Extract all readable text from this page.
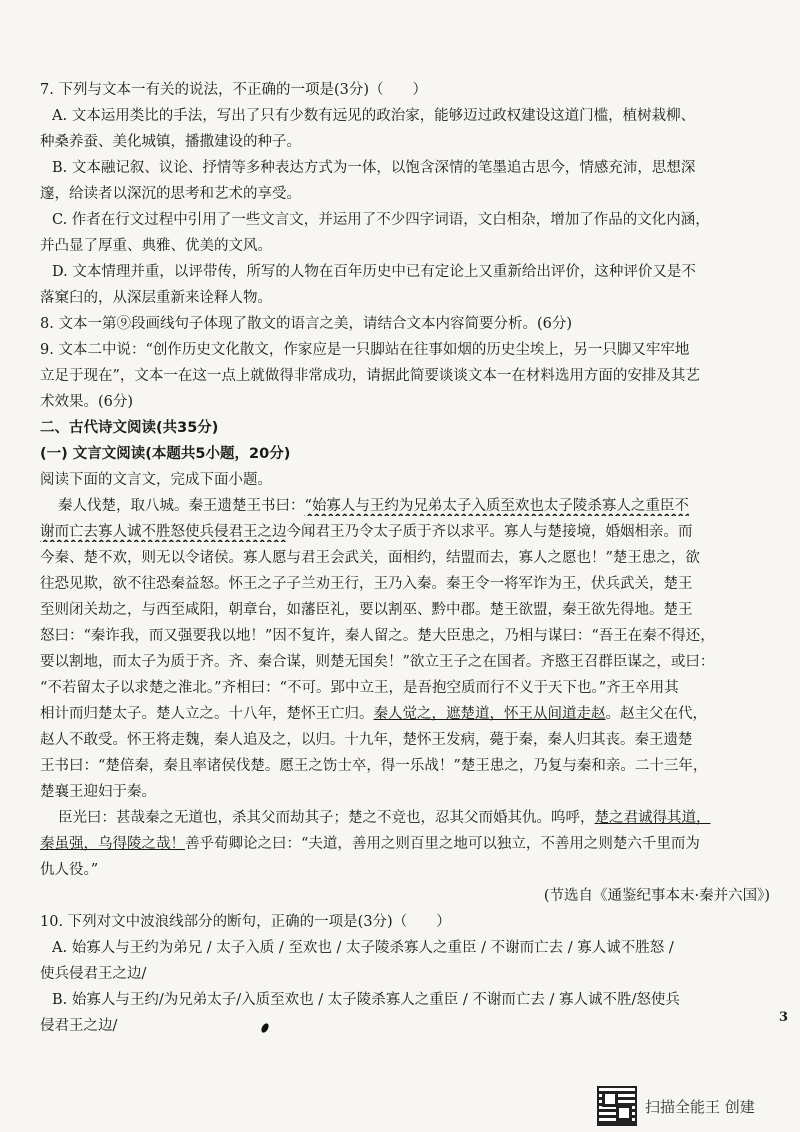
7. 下列与文本一有关的说法，不正确的一项是(3分)（　　）
A. 文本运用类比的手法，写出了只有少数有远见的政治家，能够迈过政权建设这道门槛，植树栽柳、
种桑养蚕、美化城镇，播撒建设的种子。
B. 文本融记叙、议论、抒情等多种表达方式为一体，以饱含深情的笔墨追古思今，情感充沛，思想深
邃，给读者以深沉的思考和艺术的享受。
C. 作者在行文过程中引用了一些文言文，并运用了不少四字词语，文白相杂，增加了作品的文化内涵，
并凸显了厚重、典雅、优美的文风。
D. 文本情理并重，以评带传，所写的人物在百年历史中已有定论上又重新给出评价，这种评价又是不
落窠臼的，从深层重新来诠释人物。
8. 文本一第⑨段画线句子体现了散文的语言之美，请结合文本内容简要分析。(6分)
9. 文本二中说：“创作历史文化散文，作家应是一只脚站在往事如烟的历史尘埃上，另一只脚又牢牢地
立足于现在”，文本一在这一点上就做得非常成功，请据此简要谈谈文本一在材料选用方面的安排及其艺
术效果。(6分)
二、古代诗文阅读(共35分)
(一) 文言文阅读(本题共5小题，20分)
阅读下面的文言文，完成下面小题。
秦人伐楚，取八城。秦王遗楚王书曰：“始寡人与王约为兄弟太子入质至欢也太子陵杀寡人之重臣不
谢而亡去寡人诚不胜怒使兵侵君王之边今闻君王乃令太子质于齐以求平。寡人与楚接境，婚姻相亲。而
今秦、楚不欢，则无以令诸侯。寡人愿与君王会武关，面相约，结盟而去，寡人之愿也！”楚王患之，欲
往恐见欺，欲不往恐秦益怒。怀王之子子兰劝王行，王乃入秦。秦王令一将军诈为王，伏兵武关，楚王
至则闭关劫之，与西至咸阳，朝章台，如藩臣礼，要以割巫、黔中郡。楚王欲盟，秦王欲先得地。楚王
怒曰：“秦诈我，而又强要我以地！”因不复许，秦人留之。楚大臣患之，乃相与谋曰：“吾王在秦不得还，
要以割地，而太子为质于齐。齐、秦合谋，则楚无国矣！”欲立王子之在国者。齐愍王召群臣谋之，或曰：
“不若留太子以求楚之淮北。”齐相曰：“不可。郢中立王，是吾抱空质而行不义于天下也。”齐王卒用其
相计而归楚太子。楚人立之。十八年，楚怀王亡归。秦人觉之，遮楚道，怀王从间道走赵。赵主父在代，
赵人不敢受。怀王将走魏，秦人追及之，以归。十九年，楚怀王发病，薨于秦，秦人归其丧。秦王遗楚
王书曰：“楚倍秦，秦且率诸侯伐楚。愿王之饬士卒，得一乐战！”楚王患之，乃复与秦和亲。二十三年，
楚襄王迎妇于秦。
臣光曰：甚哉秦之无道也，杀其父而劫其子；楚之不竞也，忍其父而婚其仇。呜呼，楚之君诚得其道，
秦虽强，乌得陵之哉！善乎荀卿论之曰：“夫道，善用之则百里之地可以独立，不善用之则楚六千里而为
仇人役。”
(节选自《通鉴纪事本末·秦并六国》)
10. 下列对文中波浪线部分的断句，正确的一项是(3分)（　　）
A. 始寡人与王约为弟兄 / 太子入质 / 至欢也 / 太子陵杀寡人之重臣 / 不谢而亡去 / 寡人诚不胜怒 /
使兵侵君王之边/
B. 始寡人与王约/为兄弟太子/入质至欢也 / 太子陵杀寡人之重臣 / 不谢而亡去 / 寡人诚不胜/怒使兵
侵君王之边/
3
扫描全能王 创建
